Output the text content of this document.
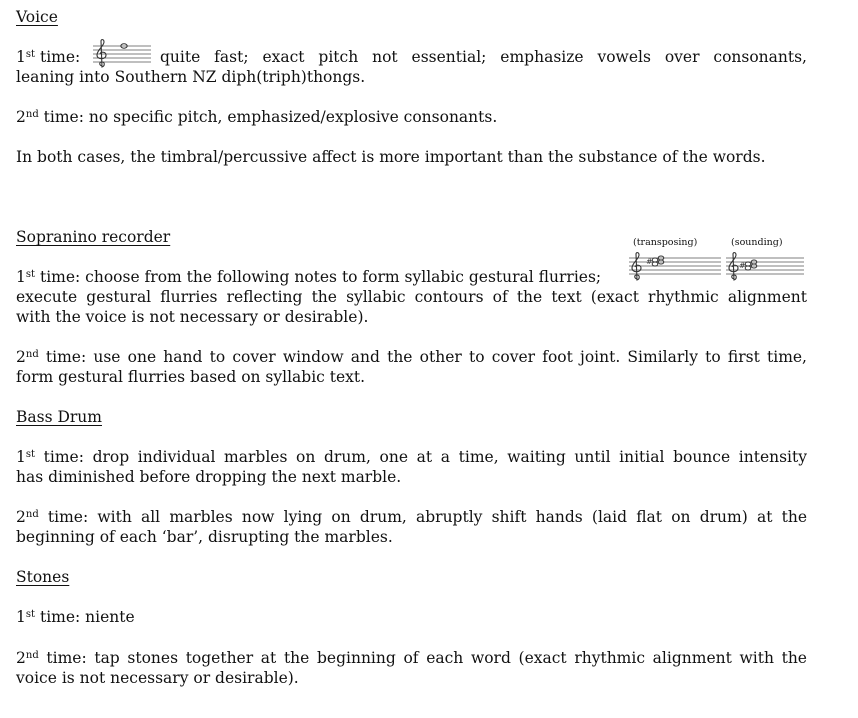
Voice
1st time:	quite fast; exact pitch not essential; emphasize vowels over consonants,
leaning into Southern NZ diph(triph)thongs.
2nd time: no specific pitch, emphasized/explosive consonants.
In both cases, the timbral/percussive affect is more important than the substance of the words.
Sopranino recorder	(transposing)	(sounding)
#	#
1st time: choose from the following notes to form syllabic gestural flurries;
execute gestural flurries reflecting the syllabic contours of the text (exact rhythmic alignment
with the voice is not necessary or desirable).
2nd time: use one hand to cover window and the other to cover foot joint. Similarly to first time,
form gestural flurries based on syllabic text.
Bass Drum
1st time: drop individual marbles on drum, one at a time, waiting until initial bounce intensity
has diminished before dropping the next marble.
2nd time: with all marbles now lying on drum, abruptly shift hands (laid flat on drum) at the
beginning of each ‘bar’, disrupting the marbles.
Stones
1st time: niente
2nd time: tap stones together at the beginning of each word (exact rhythmic alignment with the
voice is not necessary or desirable).
